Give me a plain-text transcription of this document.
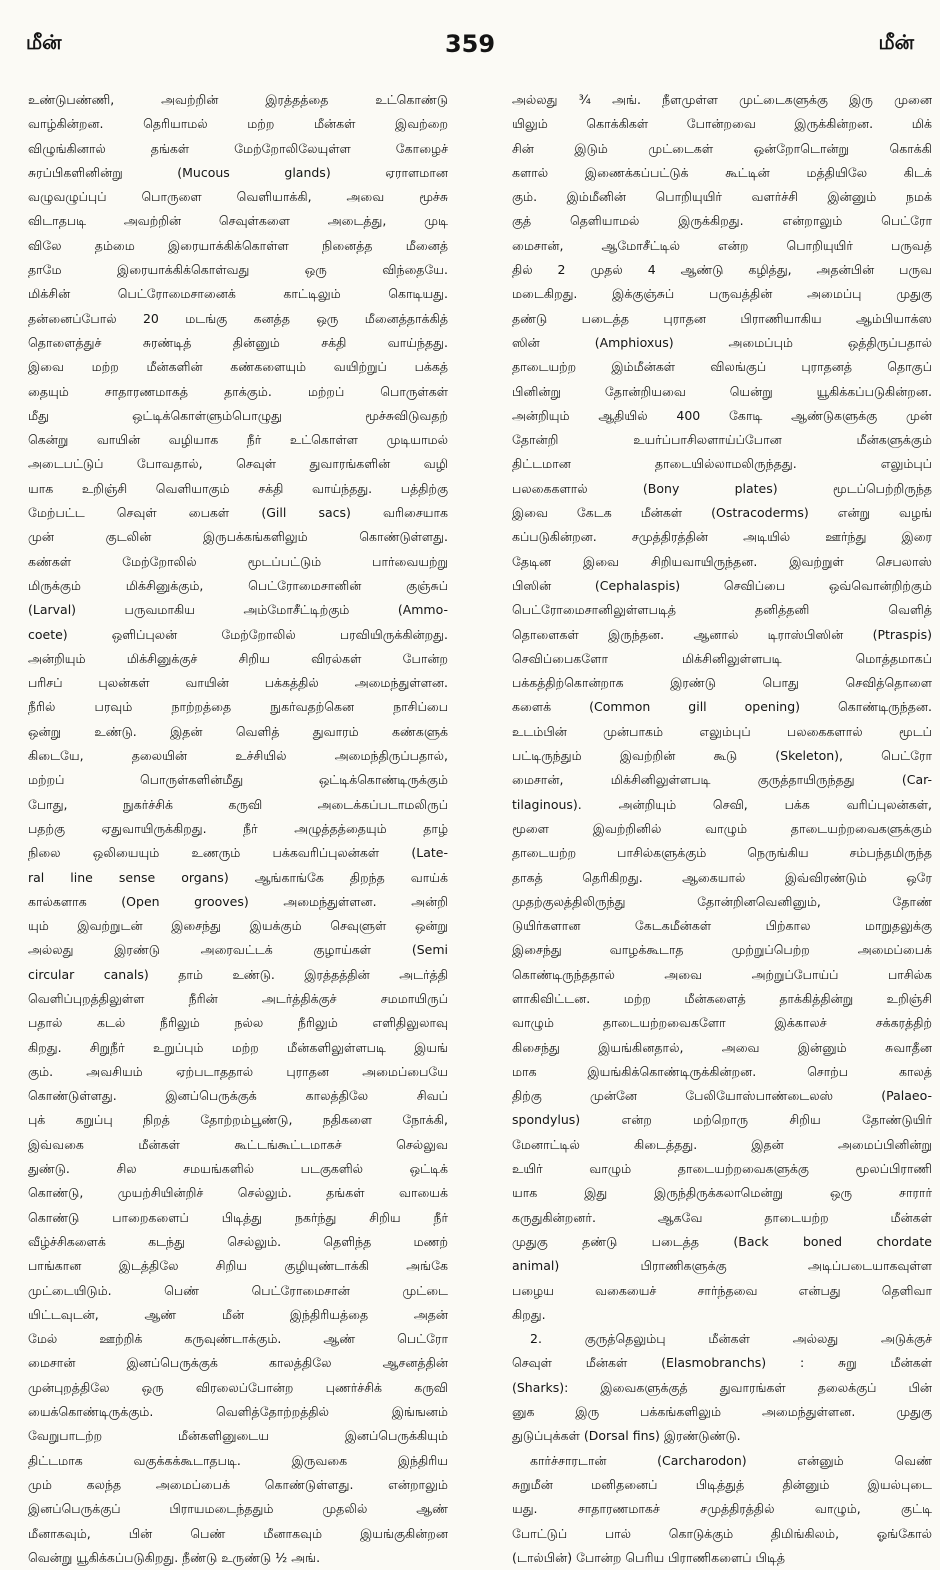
மீன்	359	மீன்
உண்டுபண்ணி, அவற்றின் இரத்தத்தை உட்கொண்டு
வாழ்கின்றன. தெரியாமல் மற்ற மீன்கள் இவற்றை
விழுங்கினால் தங்கள் மேற்றோலிலேயுள்ள கோழைச்
சுரப்பிகளினின்று (Mucous glands) ஏராளமான
வழுவழுப்புப் பொருளை வெளியாக்கி, அவை மூச்சு
விடாதபடி அவற்றின் செவுள்களை அடைத்து, முடி
விலே தம்மை இரையாக்கிக்கொள்ள நினைத்த மீனைத்
தாமே இரையாக்கிக்கொள்வது ஒரு விந்தையே.
மிக்சின் பெட்ரோமைசானைக் காட்டிலும் கொடியது.
தன்னைப்போல் 20 மடங்கு கனத்த ஒரு மீனைத்தாக்கித்
தொளைத்துச் சுரண்டித் தின்னும் சக்தி வாய்ந்தது.
இவை மற்ற மீன்களின் கண்களையும் வயிற்றுப் பக்கத்
தையும் சாதாரணமாகத் தாக்கும். மற்றப் பொருள்கள்
மீது ஒட்டிக்கொள்ளும்பொழுது மூச்சுவிடுவதற்
கென்று வாயின் வழியாக நீர் உட்கொள்ள முடியாமல்
அடைபட்டுப் போவதால், செவுள் துவாரங்களின் வழி
யாக உறிஞ்சி வெளியாகும் சக்தி வாய்ந்தது. பத்திற்கு
மேற்பட்ட செவுள் பைகள் (Gill sacs) வரிசையாக
முன் குடலின் இருபக்கங்களிலும் கொண்டுள்ளது.
கண்கள் மேற்றோலில் மூடப்பட்டும் பார்வையற்று
மிருக்கும் மிக்சினுக்கும், பெட்ரோமைசானின் குஞ்சுப்
(Larval) பருவமாகிய அம்மோசீட்டிற்கும் (Ammo-
coete) ஒளிப்புலன் மேற்றோலில் பரவியிருக்கின்றது.
அன்றியும் மிக்சினுக்குச் சிறிய விரல்கள் போன்ற
பரிசப் புலன்கள் வாயின் பக்கத்தில் அமைந்துள்ளன.
நீரில் பரவும் நாற்றத்தை நுகர்வதற்கென நாசிப்பை
ஒன்று உண்டு. இதன் வெளித் துவாரம் கண்களுக்
கிடையே, தலையின் உச்சியில் அமைந்திருப்பதால்,
மற்றப் பொருள்களின்மீது ஒட்டிக்கொண்டிருக்கும்
போது, நுகர்ச்சிக் கருவி அடைக்கப்படாமலிருப்
பதற்கு ஏதுவாயிருக்கிறது. நீர் அழுத்தத்தையும் தாழ்
நிலை ஒலியையும் உணரும் பக்கவரிப்புலன்கள் (Late-
ral line sense organs) ஆங்காங்கே திறந்த வாய்க்
கால்களாக (Open grooves) அமைந்துள்ளன. அன்றி
யும் இவற்றுடன் இசைந்து இயக்கும் செவுளுள் ஒன்று
அல்லது இரண்டு அரைவட்டக் குழாய்கள் (Semi
circular canals) தாம் உண்டு. இரத்தத்தின் அடர்த்தி
வெளிப்புறத்திலுள்ள நீரின் அடர்த்திக்குச் சமமாயிருப்
பதால் கடல் நீரிலும் நல்ல நீரிலும் எளிதிலுலாவு
கிறது. சிறுநீர் உறுப்பும் மற்ற மீன்களிலுள்ளபடி இயங்
கும். அவசியம் ஏற்படாததால் புராதன அமைப்பையே
கொண்டுள்ளது. இனப்பெருக்குக் காலத்திலே சிவப்
புக் கறுப்பு நிறத் தோற்றம்பூண்டு, நதிகளை நோக்கி,
இவ்வகை மீன்கள் கூட்டங்கூட்டமாகச் செல்லுவ
துண்டு. சில சமயங்களில் படகுகளில் ஒட்டிக்
கொண்டு, முயற்சியின்றிச் செல்லும். தங்கள் வாயைக்
கொண்டு பாறைகளைப் பிடித்து நகர்ந்து சிறிய நீர்
வீழ்ச்சிகளைக் கடந்து செல்லும். தெளிந்த மணற்
பாங்கான இடத்திலே சிறிய குழியுண்டாக்கி அங்கே
முட்டையிடும். பெண் பெட்ரோமைசான் முட்டை
யிட்டவுடன், ஆண் மீன் இந்திரியத்தை அதன்
மேல் ஊற்றிக் கருவுண்டாக்கும். ஆண் பெட்ரோ
மைசான் இனப்பெருக்குக் காலத்திலே ஆசனத்தின்
முன்புறத்திலே ஒரு விரலைப்போன்ற புணர்ச்சிக் கருவி
யைக்கொண்டிருக்கும். வெளித்தோற்றத்தில் இங்ஙனம்
வேறுபாடற்ற மீன்களினுடைய இனப்பெருக்கியும்
திட்டமாக வகுக்கக்கூடாதபடி. இருவகை இந்திரிய
மும் கலந்த அமைப்பைக் கொண்டுள்ளது. என்றாலும்
இனப்பெருக்குப் பிராயமடைந்ததும் முதலில் ஆண்
மீனாகவும், பின் பெண் மீனாகவும் இயங்குகின்றன
வென்று யூகிக்கப்படுகிறது. நீண்டு உருண்டு ½ அங்.
அல்லது ¾ அங். நீளமுள்ள முட்டைகளுக்கு இரு முனை
யிலும் கொக்கிகள் போன்றவை இருக்கின்றன. மிக்
சின் இடும் முட்டைகள் ஒன்றோடொன்று கொக்கி
களால் இணைக்கப்பட்டுக் கூட்டின் மத்தியிலே கிடக்
கும். இம்மீனின் பொறியுயிர் வளர்ச்சி இன்னும் நமக்
குத் தெளியாமல் இருக்கிறது. என்றாலும் பெட்ரோ
மைசான், ஆமோசீட்டில் என்ற பொறியுயிர் பருவத்
தில் 2 முதல் 4 ஆண்டு கழித்து, அதன்பின் பருவ
மடைகிறது. இக்குஞ்சுப் பருவத்தின் அமைப்பு முதுகு
தண்டு படைத்த புராதன பிராணியாகிய ஆம்பியாக்ஸ
ஸின் (Amphioxus) அமைப்பும் ஒத்திருப்பதால்
தாடையற்ற இம்மீன்கள் விலங்குப் புராதனத் தொகுப்
பினின்று தோன்றியவை யென்று யூகிக்கப்படுகின்றன.
அன்றியும் ஆதியில் 400 கோடி ஆண்டுகளுக்கு முன்
தோன்றி உயர்ப்பாசிலளாய்ப்போன மீன்களுக்கும்
திட்டமான தாடையில்லாமலிருந்தது. எலும்புப்
பலகைகளால் (Bony plates) மூடப்பெற்றிருந்த
இவை கேடக மீன்கள் (Ostracoderms) என்று வழங்
கப்படுகின்றன. சமுத்திரத்தின் அடியில் ஊர்ந்து இரை
தேடின இவை சிறியவாயிருந்தன. இவற்றுள் செபலாஸ்
பிஸின் (Cephalaspis) செவிப்பை ஒவ்வொன்றிற்கும்
பெட்ரோமைசானிலுள்ளபடித் தனித்தனி வெளித்
தொளைகள் இருந்தன. ஆனால் டிராஸ்பிஸின் (Ptraspis)
செவிப்பைகளோ மிக்சினிலுள்ளபடி மொத்தமாகப்
பக்கத்திற்கொன்றாக இரண்டு பொது செவித்தொளை
களைக் (Common gill opening) கொண்டிருந்தன.
உடம்பின் முன்பாகம் எலும்புப் பலகைகளால் மூடப்
பட்டிருந்தும் இவற்றின் கூடு (Skeleton), பெட்ரோ
மைசான், மிக்சினிலுள்ளபடி குருத்தாயிருந்தது (Car-
tilaginous). அன்றியும் செவி, பக்க வரிப்புலன்கள்,
மூளை இவற்றினில் வாழும் தாடையற்றவைகளுக்கும்
தாடையற்ற பாசில்களுக்கும் நெருங்கிய சம்பந்தமிருந்த
தாகத் தெரிகிறது. ஆகையால் இவ்விரண்டும் ஒரே
முதற்குலத்திலிருந்து தோன்றினவெனினும், தோண்
டுயிர்களான கேடகமீன்கள் பிற்கால மாறுதலுக்கு
இசைந்து வாழக்கூடாத முற்றுப்பெற்ற அமைப்பைக்
கொண்டிருந்ததால் அவை அற்றுப்போய்ப் பாசில்க
ளாகிவிட்டன. மற்ற மீன்களைத் தாக்கித்தின்று உறிஞ்சி
வாழும் தாடையற்றவைகளோ இக்காலச் சக்கரத்திற்
கிசைந்து இயங்கினதால், அவை இன்னும் சுவாதீன
மாக இயங்கிக்கொண்டிருக்கின்றன. சொற்ப காலத்
திற்கு முன்னே பேலியோஸ்பாண்டைலஸ் (Palaeo-
spondylus) என்ற மற்றொரு சிறிய தோண்டுயிர்
மேனாட்டில் கிடைத்தது. இதன் அமைப்பினின்று
உயிர் வாழும் தாடையற்றவைகளுக்கு மூலப்பிராணி
யாக இது இருந்திருக்கலாமென்று ஒரு சாரார்
கருதுகின்றனர். ஆகவே தாடையற்ற மீன்கள்
முதுகு தண்டு படைத்த (Back boned chordate
animal) பிராணிகளுக்கு அடிப்படையாகவுள்ள
பழைய வகையைச் சார்ந்தவை என்பது தெளிவா
கிறது.
2. குருத்தெலும்பு மீன்கள் அல்லது அடுக்குச்
செவுள் மீன்கள் (Elasmobranchs) : சுறு மீன்கள்
(Sharks): இவைகளுக்குத் துவாரங்கள் தலைக்குப் பின்
னுக இரு பக்கங்களிலும் அமைந்துள்ளன. முதுகு
துடுப்புக்கள் (Dorsal fins) இரண்டுண்டு.
கார்ச்சாரடான் (Carcharodon) என்னும் வெண்
சுறுமீன் மனிதனைப் பிடித்துத் தின்னும் இயல்புடை
யது. சாதாரணமாகச் சமுத்திரத்தில் வாழும், குட்டி
போட்டுப் பால் கொடுக்கும் திமிங்கிலம், ஓங்கோல்
(டால்பின்) போன்ற பெரிய பிராணிகளைப் பிடித்
